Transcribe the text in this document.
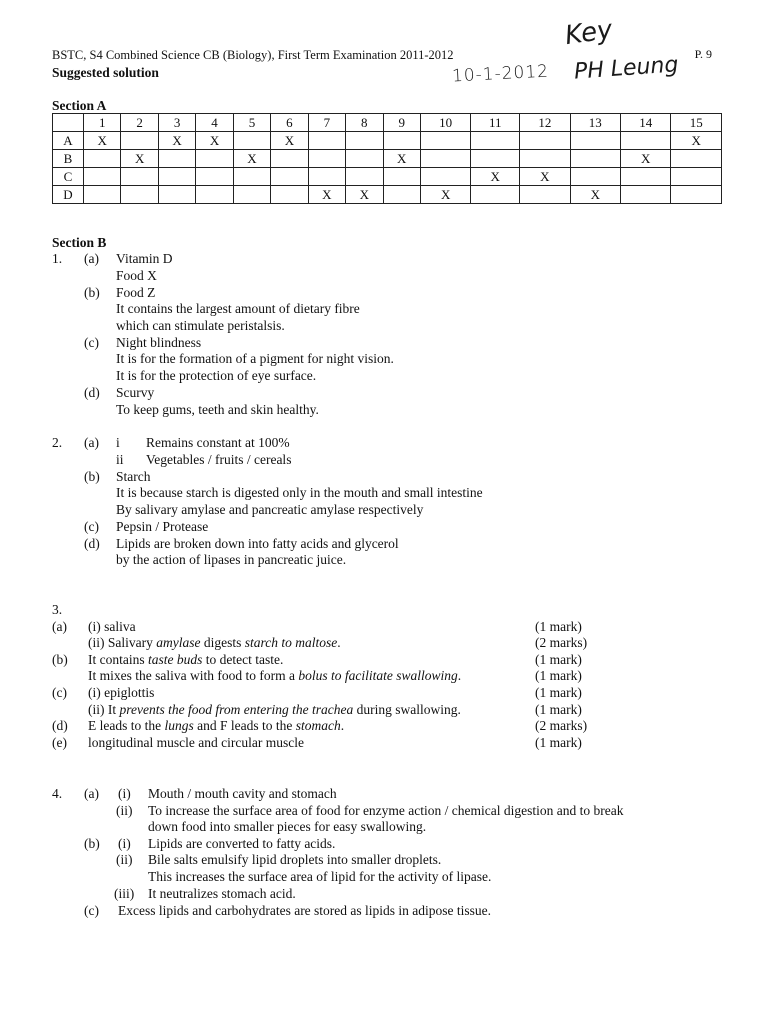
BSTC, S4 Combined Science CB (Biology), First Term Examination 2011-2012
Suggested solution
P. 9
Key
10-1-2012 PH Leung
Section A
	1	2	3	4	5	6	7	8	9	10	11	12	13	14	15
A	X		X	X		X									X
B		X			X				X					X	
C											X	X			
D							X	X		X			X		
Section B
1. (a) Vitamin D
Food X
(b) Food Z
It contains the largest amount of dietary fibre
which can stimulate peristalsis.
(c) Night blindness
It is for the formation of a pigment for night vision.
It is for the protection of eye surface.
(d) Scurvy
To keep gums, teeth and skin healthy.
2. (a) i Remains constant at 100%
ii Vegetables / fruits / cereals
(b) Starch
It is because starch is digested only in the mouth and small intestine
By salivary amylase and pancreatic amylase respectively
(c) Pepsin / Protease
(d) Lipids are broken down into fatty acids and glycerol
by the action of lipases in pancreatic juice.
3.
(a) (i) saliva	(1 mark)
(ii) Salivary amylase digests starch to maltose.	(2 marks)
(b) It contains taste buds to detect taste.	(1 mark)
It mixes the saliva with food to form a bolus to facilitate swallowing.	(1 mark)
(c) (i) epiglottis	(1 mark)
(ii) It prevents the food from entering the trachea during swallowing.	(1 mark)
(d) E leads to the lungs and F leads to the stomach.	(2 marks)
(e) longitudinal muscle and circular muscle	(1 mark)
4. (a) (i) Mouth / mouth cavity and stomach
(ii) To increase the surface area of food for enzyme action / chemical digestion and to break
down food into smaller pieces for easy swallowing.
(b) (i) Lipids are converted to fatty acids.
(ii) Bile salts emulsify lipid droplets into smaller droplets.
This increases the surface area of lipid for the activity of lipase.
(iii) It neutralizes stomach acid.
(c) Excess lipids and carbohydrates are stored as lipids in adipose tissue.
